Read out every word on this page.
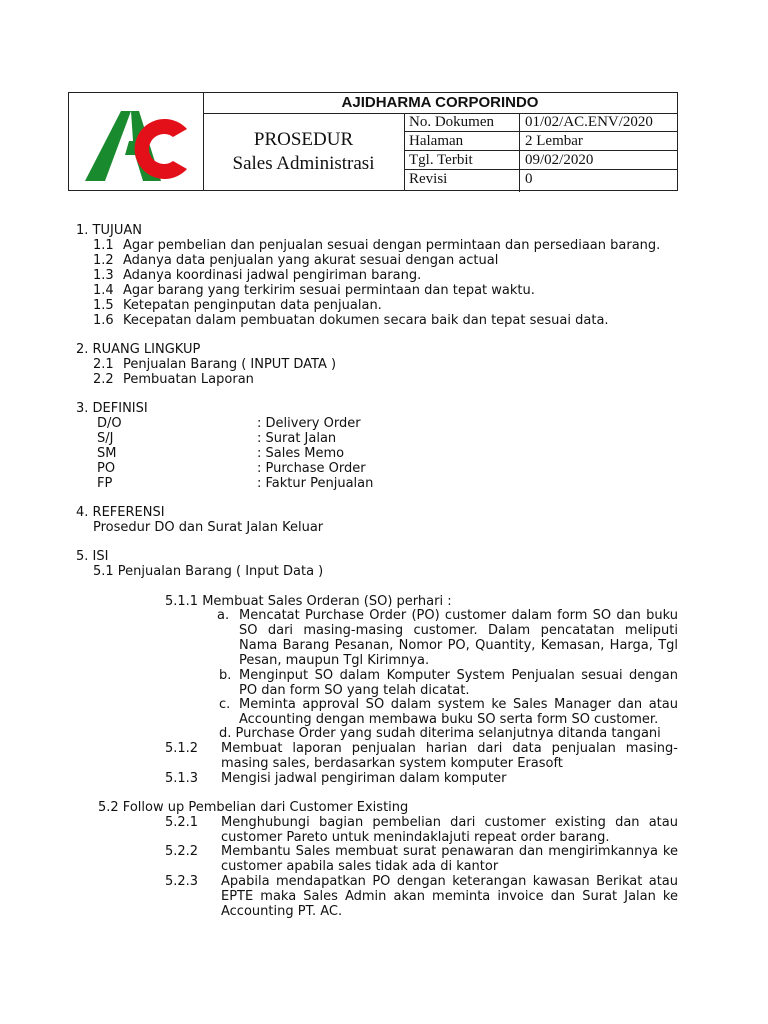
AJIDHARMA CORPORINDO
PROSEDUR
Sales Administrasi
No. Dokumen	01/02/AC.ENV/2020
Halaman	2 Lembar
Tgl. Terbit	09/02/2020
Revisi	0
1. TUJUAN
1.1 Agar pembelian dan penjualan sesuai dengan permintaan dan persediaan barang.
1.2 Adanya data penjualan yang akurat sesuai dengan actual
1.3 Adanya koordinasi jadwal pengiriman barang.
1.4 Agar barang yang terkirim sesuai permintaan dan tepat waktu.
1.5 Ketepatan penginputan data penjualan.
1.6 Kecepatan dalam pembuatan dokumen secara baik dan tepat sesuai data.
2. RUANG LINGKUP
2.1 Penjualan Barang ( INPUT DATA )
2.2 Pembuatan Laporan
3. DEFINISI
D/O	: Delivery Order
S/J	: Surat Jalan
SM	: Sales Memo
PO	: Purchase Order
FP	: Faktur Penjualan
4. REFERENSI
Prosedur DO dan Surat Jalan Keluar
5. ISI
5.1 Penjualan Barang ( Input Data )
5.1.1 Membuat Sales Orderan (SO) perhari :
a. Mencatat Purchase Order (PO) customer dalam form SO dan buku SO dari masing-masing customer. Dalam pencatatan meliputi Nama Barang Pesanan, Nomor PO, Quantity, Kemasan, Harga, Tgl Pesan, maupun Tgl Kirimnya.
b. Menginput SO dalam Komputer System Penjualan sesuai dengan PO dan form SO yang telah dicatat.
c. Meminta approval SO dalam system ke Sales Manager dan atau Accounting dengan membawa buku SO serta form SO customer.
d. Purchase Order yang sudah diterima selanjutnya ditanda tangani
5.1.2 Membuat laporan penjualan harian dari data penjualan masing-masing sales, berdasarkan system komputer Erasoft
5.1.3 Mengisi jadwal pengiriman dalam komputer
5.2 Follow up Pembelian dari Customer Existing
5.2.1 Menghubungi bagian pembelian dari customer existing dan atau customer Pareto untuk menindaklajuti repeat order barang.
5.2.2 Membantu Sales membuat surat penawaran dan mengirimkannya ke customer apabila sales tidak ada di kantor
5.2.3 Apabila mendapatkan PO dengan keterangan kawasan Berikat atau EPTE maka Sales Admin akan meminta invoice dan Surat Jalan ke Accounting PT. AC.
